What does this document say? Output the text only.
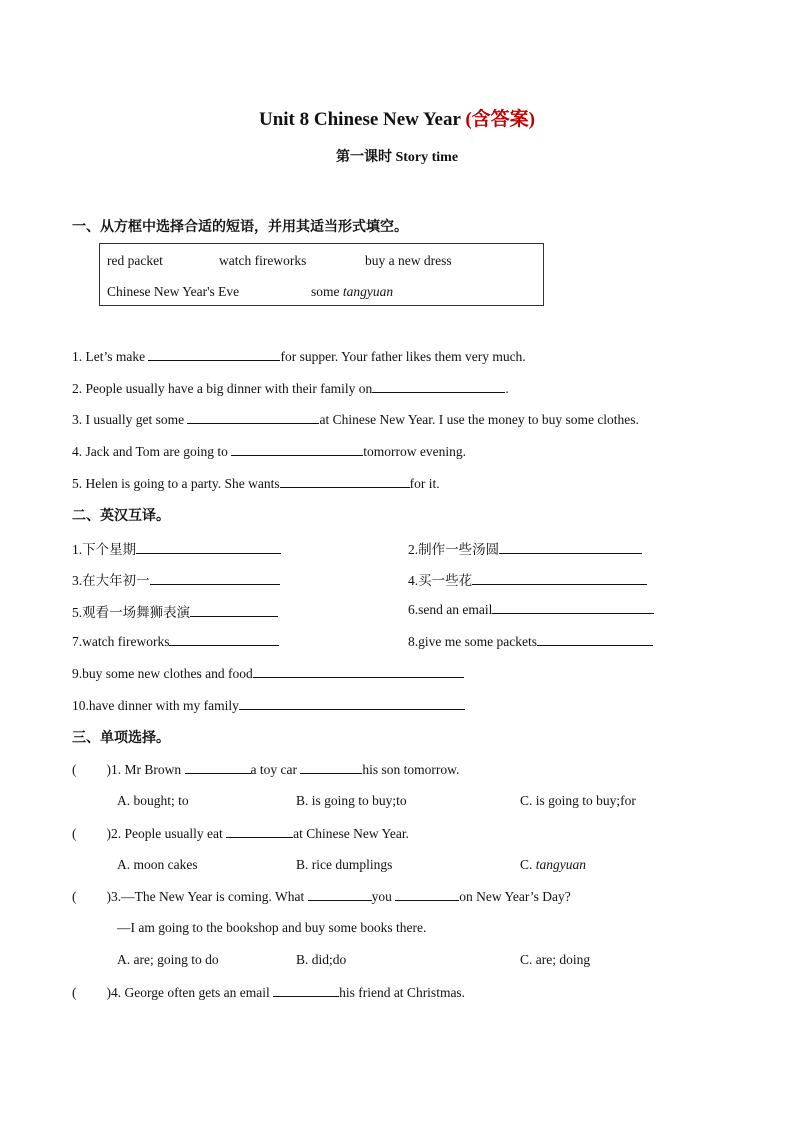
Unit 8 Chinese New Year (含答案)
第一课时 Story time
一、从方框中选择合适的短语，并用其适当形式填空。
red packet	watch fireworks	buy a new dress
Chinese New Year's Eve	some tangyuan
1. Let’s make	for supper. Your father likes them very much.
2. People usually have a big dinner with their family on	.
3. I usually get some	at Chinese New Year. I use the money to buy some clothes.
4. Jack and Tom are going to	tomorrow evening.
5. Helen is going to a party. She wants	for it.
二、英汉互译。
1.下个星期	2.制作一些汤圆
3.在大年初一	4.买一些花
5.观看一场舞狮表演	6.send an email
7.watch fireworks	8.give me some packets
9.buy some new clothes and food
10.have dinner with my family
三、单项选择。
( )1. Mr Brown	a toy car	his son tomorrow.
A. bought; to	B. is going to buy;to	C. is going to buy;for
( )2. People usually eat	at Chinese New Year.
A. moon cakes	B. rice dumplings	C. tangyuan
( )3.—The New Year is coming. What	you	on New Year’s Day?
—I am going to the bookshop and buy some books there.
A. are; going to do	B. did;do	C. are; doing
( )4. George often gets an email	his friend at Christmas.
